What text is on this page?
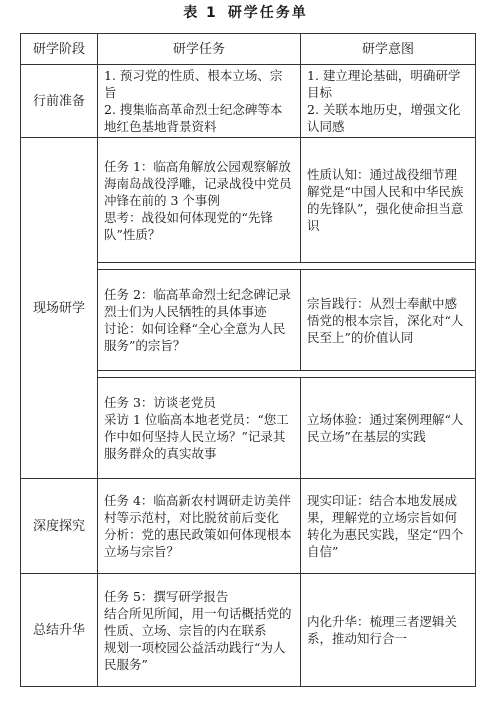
表 1 研学任务单
研学阶段	研学任务	研学意图
行前准备	1. 预习党的性质、根本立场、宗旨
2. 搜集临高革命烈士纪念碑等本地红色基地背景资料	1. 建立理论基础，明确研学目标
2. 关联本地历史，增强文化认同感

现场研学	任务 1：临高角解放公园观察解放海南岛战役浮雕，记录战役中党员冲锋在前的 3 个事例
思考：战役如何体现党的“先锋队”性质？	性质认知：通过战役细节理解党是“中国人民和中华民族的先锋队”，强化使命担当意识

	任务 2：临高革命烈士纪念碑记录烈士们为人民牺牲的具体事迹
讨论：如何诠释“全心全意为人民服务”的宗旨？	宗旨践行：从烈士奉献中感悟党的根本宗旨，深化对“人民至上”的价值认同

	任务 3：访谈老党员
采访 1 位临高本地老党员：“您工作中如何坚持人民立场？”记录其服务群众的真实故事	立场体验：通过案例理解“人民立场”在基层的实践

深度探究	任务 4：临高新农村调研走访美伴村等示范村，对比脱贫前后变化
分析：党的惠民政策如何体现根本立场与宗旨？	现实印证：结合本地发展成果，理解党的立场宗旨如何转化为惠民实践，坚定“四个自信”

总结升华	任务 5：撰写研学报告
结合所见所闻，用一句话概括党的性质、立场、宗旨的内在联系
规划一项校园公益活动践行“为人民服务”	内化升华：梳理三者逻辑关系，推动知行合一
